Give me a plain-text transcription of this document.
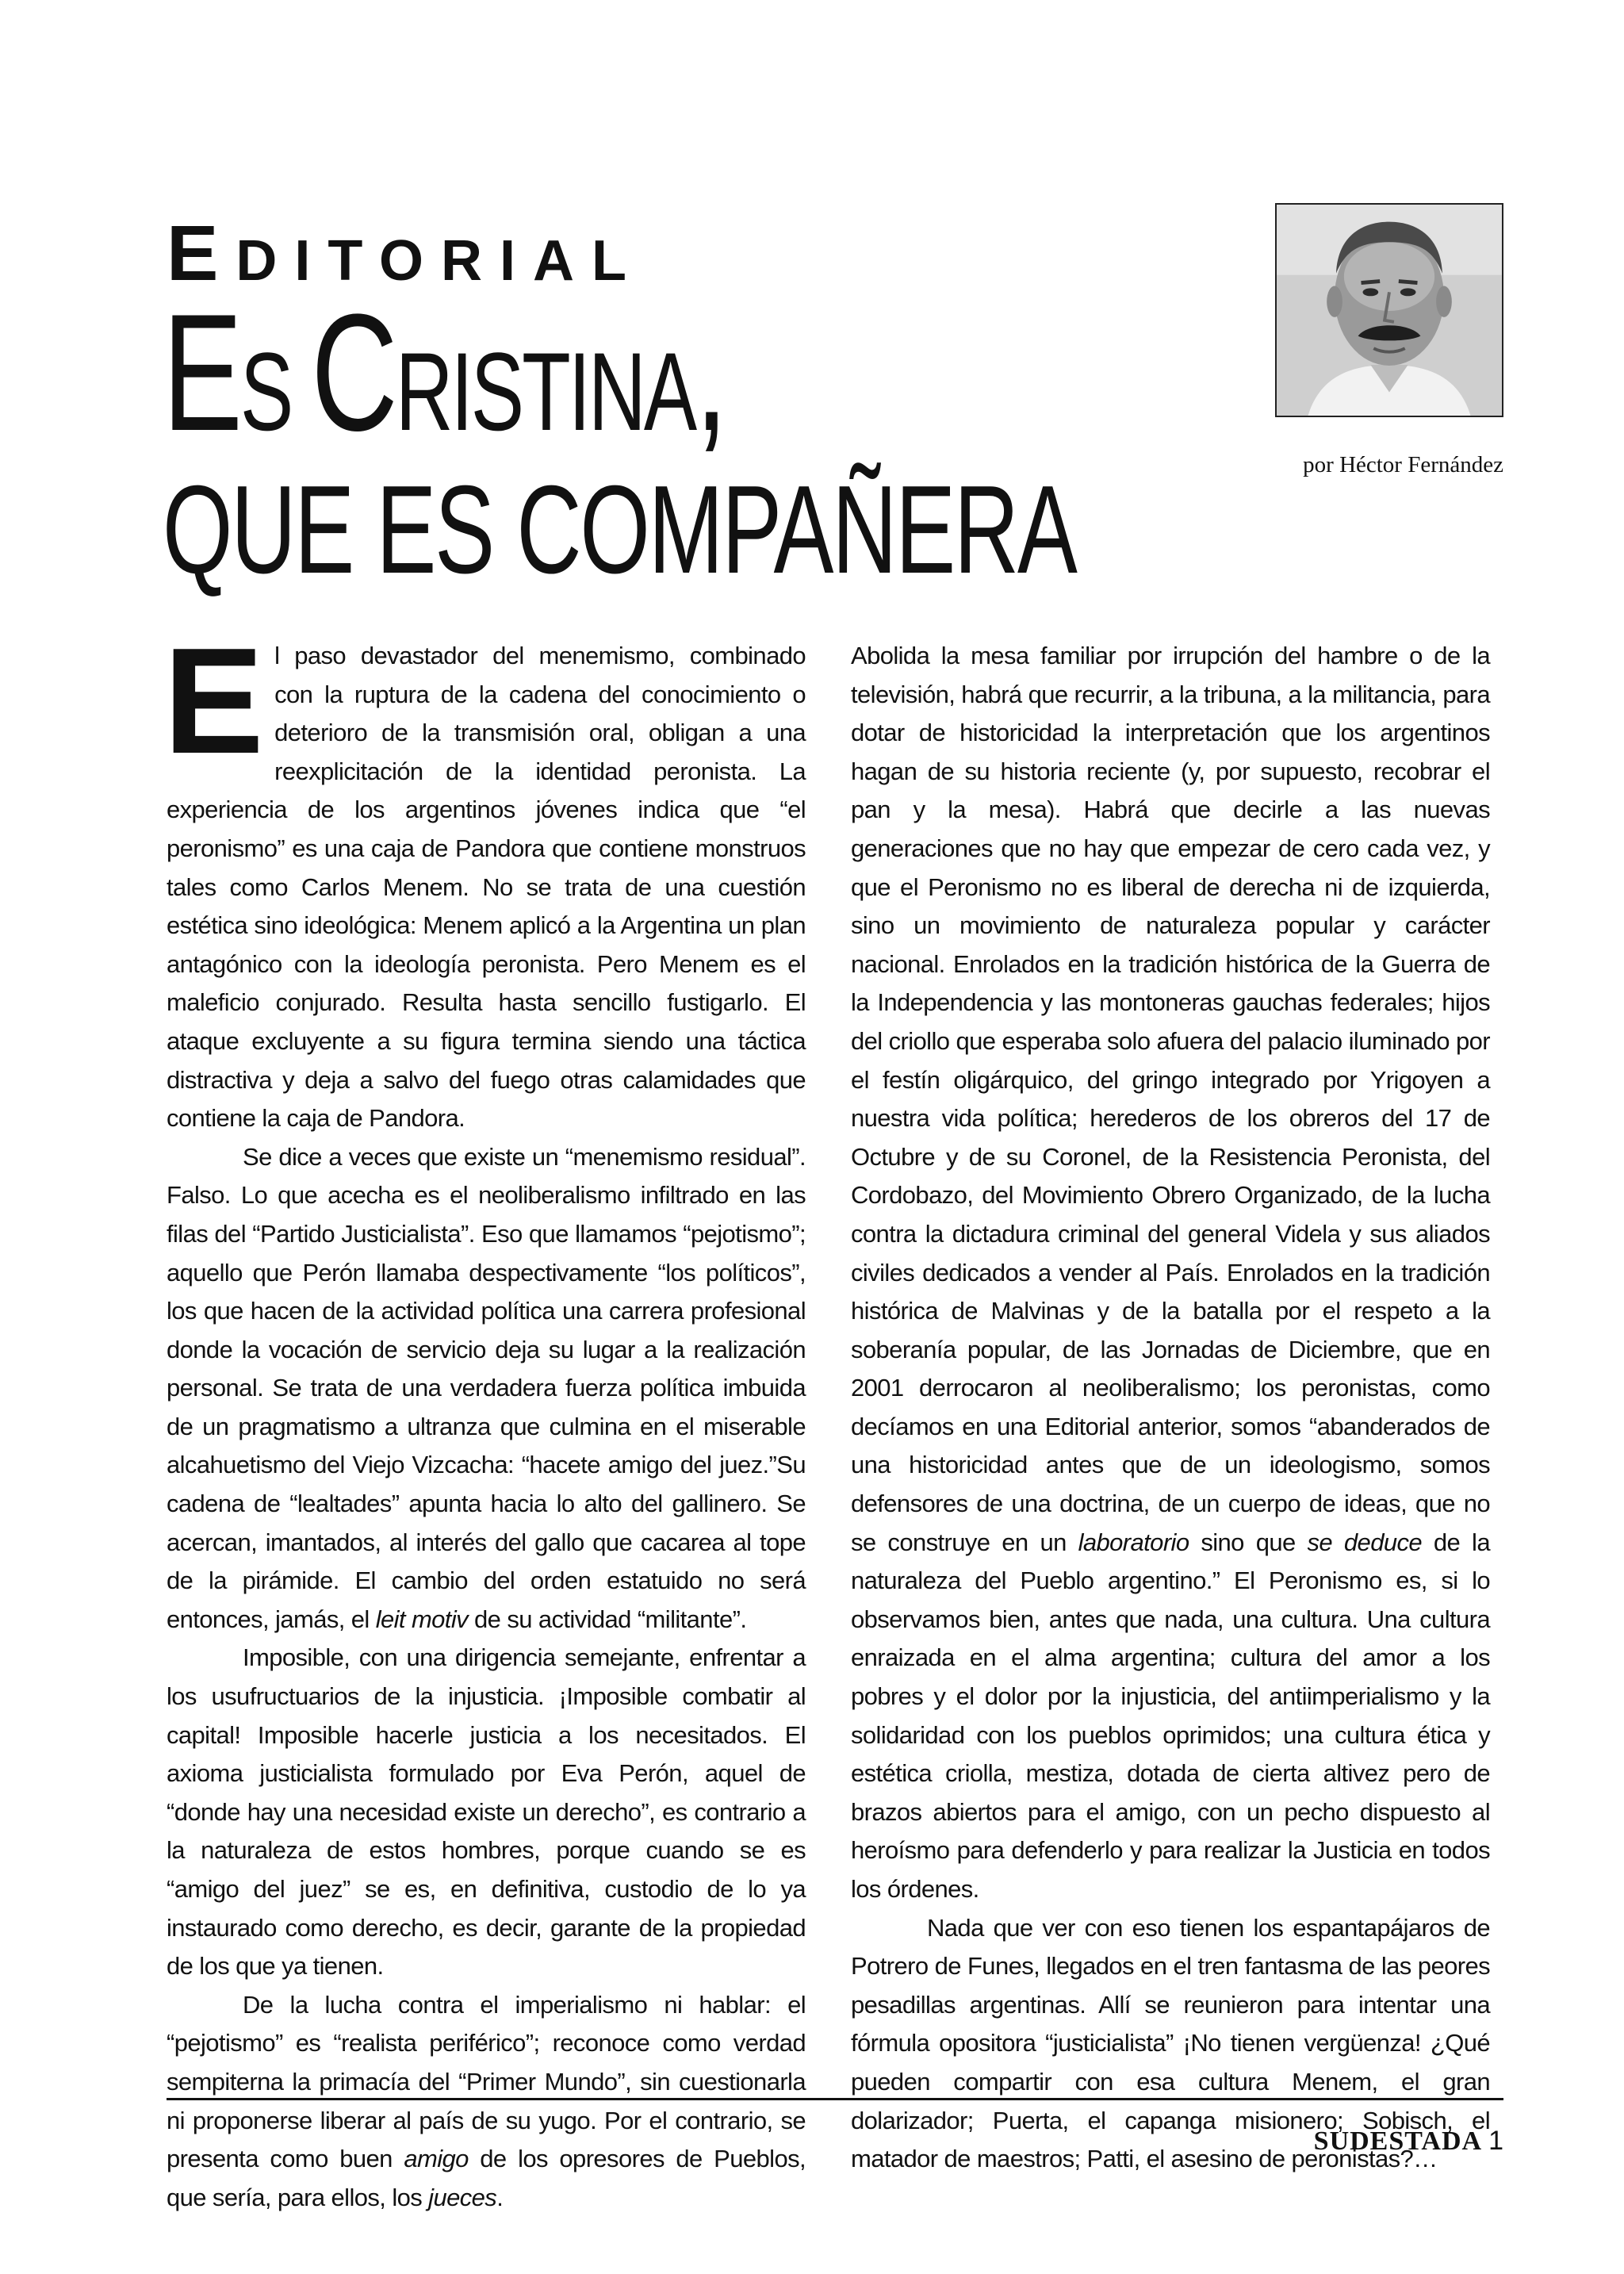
EDITORIAL
ES CRISTINA,
QUE ES COMPAÑERA	por Héctor Fernández

El paso devastador del menemismo, combinado con la ruptura de la cadena del conocimiento o deterioro de la transmisión oral, obligan a una reexplicitación de la identidad peronista. La experiencia de los argentinos jóvenes indica que “el peronismo” es una caja de Pandora que contiene monstruos tales como Carlos Menem. No se trata de una cuestión estética sino ideológica: Menem aplicó a la Argentina un plan antagónico con la ideología peronista. Pero Menem es el maleficio conjurado. Resulta hasta sencillo fustigarlo. El ataque excluyente a su figura termina siendo una táctica distractiva y deja a salvo del fuego otras calamidades que contiene la caja de Pandora.

Se dice a veces que existe un “menemismo residual”. Falso. Lo que acecha es el neoliberalismo infiltrado en las filas del “Partido Justicialista”. Eso que llamamos “pejotismo”; aquello que Perón llamaba despectivamente “los políticos”, los que hacen de la actividad política una carrera profesional donde la vocación de servicio deja su lugar a la realización personal. Se trata de una verdadera fuerza política imbuida de un pragmatismo a ultranza que culmina en el miserable alcahuetismo del Viejo Vizcacha: “hacete amigo del juez.”Su cadena de “lealtades” apunta hacia lo alto del gallinero. Se acercan, imantados, al interés del gallo que cacarea al tope de la pirámide. El cambio del orden estatuido no será entonces, jamás, el leit motiv de su actividad “militante”.

Imposible, con una dirigencia semejante, enfrentar a los usufructuarios de la injusticia. ¡Imposible combatir al capital! Imposible hacerle justicia a los necesitados. El axioma justicialista formulado por Eva Perón, aquel de “donde hay una necesidad existe un derecho”, es contrario a la naturaleza de estos hombres, porque cuando se es “amigo del juez” se es, en definitiva, custodio de lo ya instaurado como derecho, es decir, garante de la propiedad de los que ya tienen.

De la lucha contra el imperialismo ni hablar: el “pejotismo” es “realista periférico”; reconoce como verdad sempiterna la primacía del “Primer Mundo”, sin cuestionarla ni proponerse liberar al país de su yugo. Por el contrario, se presenta como buen amigo de los opresores de Pueblos, que sería, para ellos, los jueces.

Abolida la mesa familiar por irrupción del hambre o de la televisión, habrá que recurrir, a la tribuna, a la militancia, para dotar de historicidad la interpretación que los argentinos hagan de su historia reciente (y, por supuesto, recobrar el pan y la mesa). Habrá que decirle a las nuevas generaciones que no hay que empezar de cero cada vez, y que el Peronismo no es liberal de derecha ni de izquierda, sino un movimiento de naturaleza popular y carácter nacional. Enrolados en la tradición histórica de la Guerra de la Independencia y las montoneras gauchas federales; hijos del criollo que esperaba solo afuera del palacio iluminado por el festín oligárquico, del gringo integrado por Yrigoyen a nuestra vida política; herederos de los obreros del 17 de Octubre y de su Coronel, de la Resistencia Peronista, del Cordobazo, del Movimiento Obrero Organizado, de la lucha contra la dictadura criminal del general Videla y sus aliados civiles dedicados a vender al País. Enrolados en la tradición histórica de Malvinas y de la batalla por el respeto a la soberanía popular, de las Jornadas de Diciembre, que en 2001 derrocaron al neoliberalismo; los peronistas, como decíamos en una Editorial anterior, somos “abanderados de una historicidad antes que de un ideologismo, somos defensores de una doctrina, de un cuerpo de ideas, que no se construye en un laboratorio sino que se deduce de la naturaleza del Pueblo argentino.” El Peronismo es, si lo observamos bien, antes que nada, una cultura. Una cultura enraizada en el alma argentina; cultura del amor a los pobres y el dolor por la injusticia, del antiimperialismo y la solidaridad con los pueblos oprimidos; una cultura ética y estética criolla, mestiza, dotada de cierta altivez pero de brazos abiertos para el amigo, con un pecho dispuesto al heroísmo para defenderlo y para realizar la Justicia en todos los órdenes.

Nada que ver con eso tienen los espantapájaros de Potrero de Funes, llegados en el tren fantasma de las peores pesadillas argentinas. Allí se reunieron para intentar una fórmula opositora “justicialista” ¡No tienen vergüenza! ¿Qué pueden compartir con esa cultura Menem, el gran dolarizador; Puerta, el capanga misionero; Sobisch, el matador de maestros; Patti, el asesino de peronistas?…

SUDESTADA 1
